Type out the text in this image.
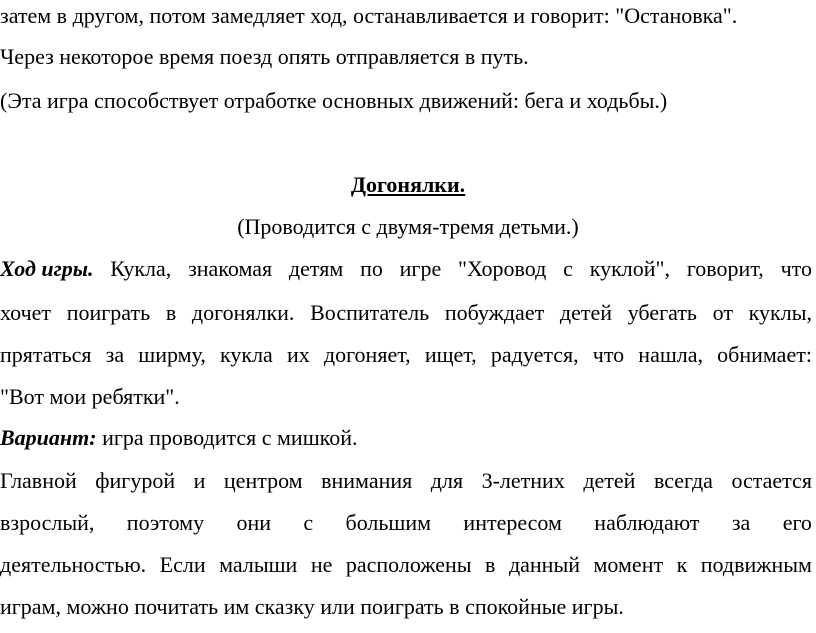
затем в другом, потом замедляет ход, останавливается и говорит: "Остановка".
Через некоторое время поезд опять отправляется в путь.
(Эта игра способствует отработке основных движений: бега и ходьбы.)
Догонялки.
(Проводится с двумя-тремя детьми.)
Ход игры. Кукла, знакомая детям по игре "Хоровод с куклой", говорит, что
хочет поиграть в догонялки. Воспитатель побуждает детей убегать от куклы,
прятаться за ширму, кукла их догоняет, ищет, радуется, что нашла, обнимает:
"Вот мои ребятки".
Вариант: игра проводится с мишкой.
Главной фигурой и центром внимания для 3-летних детей всегда остается
взрослый, поэтому они с большим интересом наблюдают за его
деятельностью. Если малыши не расположены в данный момент к подвижным
играм, можно почитать им сказку или поиграть в спокойные игры.
